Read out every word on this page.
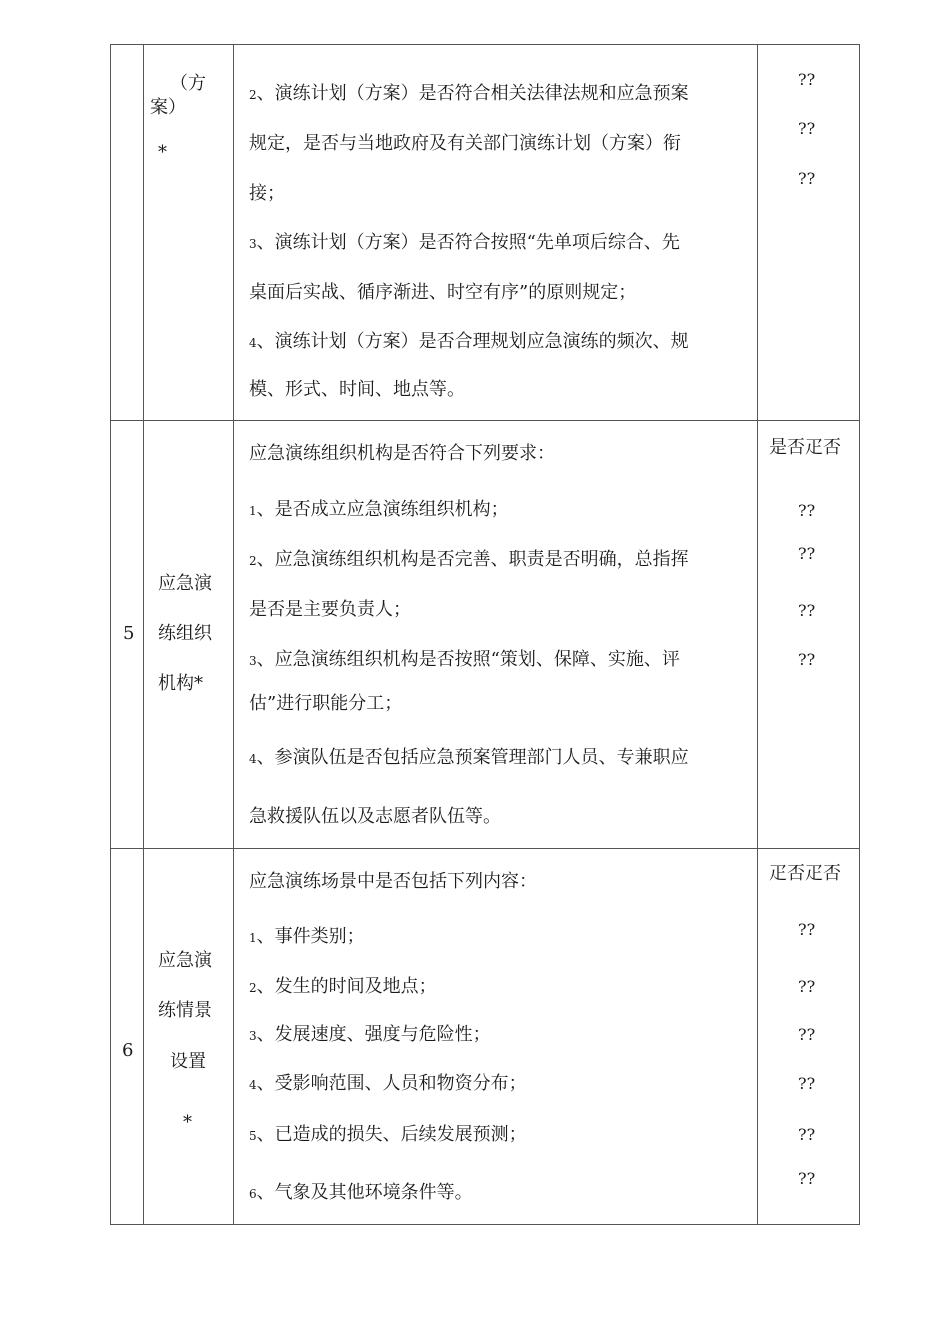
（方
案）
*
2、演练计划（方案）是否符合相关法律法规和应急预案
规定，是否与当地政府及有关部门演练计划（方案）衔
接；
3、演练计划（方案）是否符合按照“先单项后综合、先
桌面后实战、循序渐进、时空有序”的原则规定；
4、演练计划（方案）是否合理规划应急演练的频次、规
模、形式、时间、地点等。
??
??
??
5
应急演
练组织
机构*
应急演练组织机构是否符合下列要求：
1、是否成立应急演练组织机构；
2、应急演练组织机构是否完善、职责是否明确，总指挥
是否是主要负责人；
3、应急演练组织机构是否按照“策划、保障、实施、评
估”进行职能分工；
4、参演队伍是否包括应急预案管理部门人员、专兼职应
急救援队伍以及志愿者队伍等。
是否疋否
??
??
??
??
6
应急演
练情景
设置
*
应急演练场景中是否包括下列内容：
1、事件类别；
2、发生的时间及地点；
3、发展速度、强度与危险性；
4、受影响范围、人员和物资分布；
5、已造成的损失、后续发展预测；
6、气象及其他环境条件等。
疋否疋否
??
??
??
??
??
??
